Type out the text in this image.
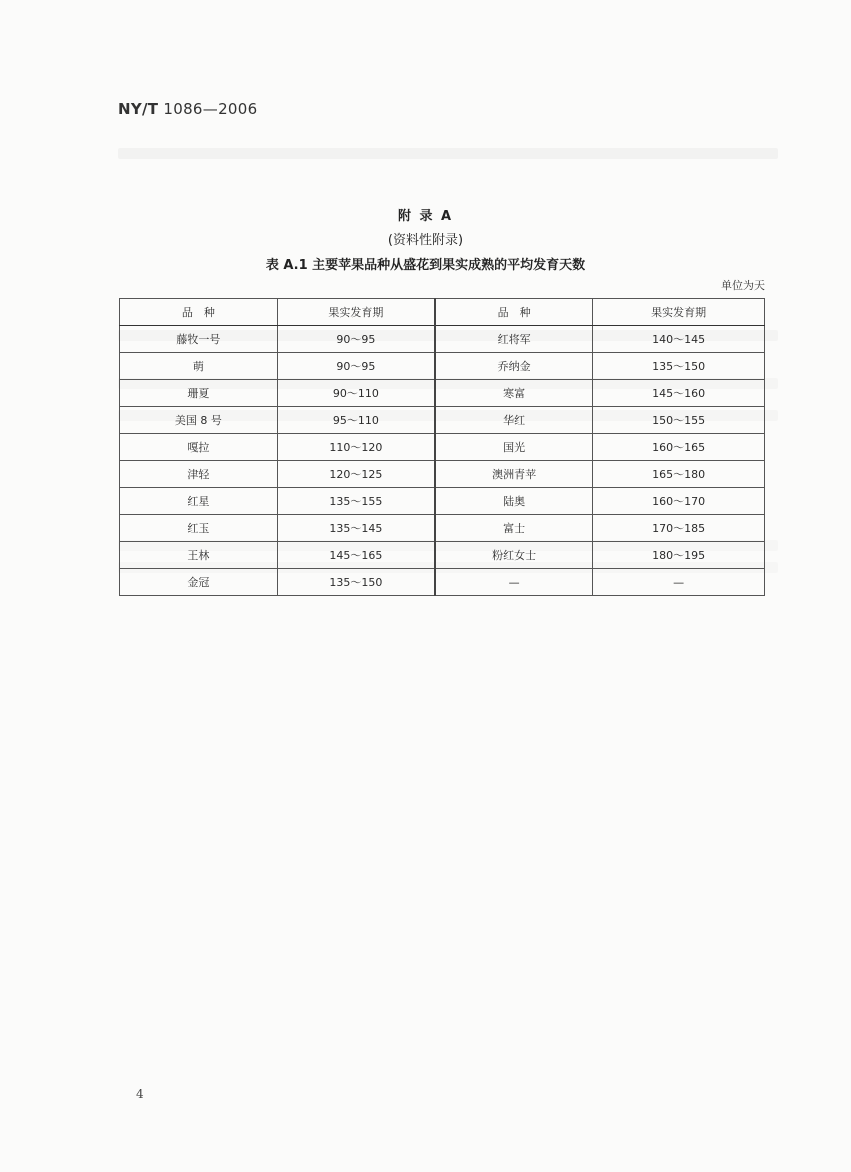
NY/T 1086—2006
附 录 A
(资料性附录)
表 A.1 主要苹果品种从盛花到果实成熟的平均发育天数
单位为天
品　种	果实发育期	品　种	果实发育期
藤牧一号	90～95	红将军	140～145
萌	90～95	乔纳金	135～150
珊夏	90～110	寒富	145～160
美国 8 号	95～110	华红	150～155
嘎拉	110～120	国光	160～165
津轻	120～125	澳洲青苹	165～180
红星	135～155	陆奥	160～170
红玉	135～145	富士	170～185
王林	145～165	粉红女士	180～195
金冠	135～150	—	—
4
